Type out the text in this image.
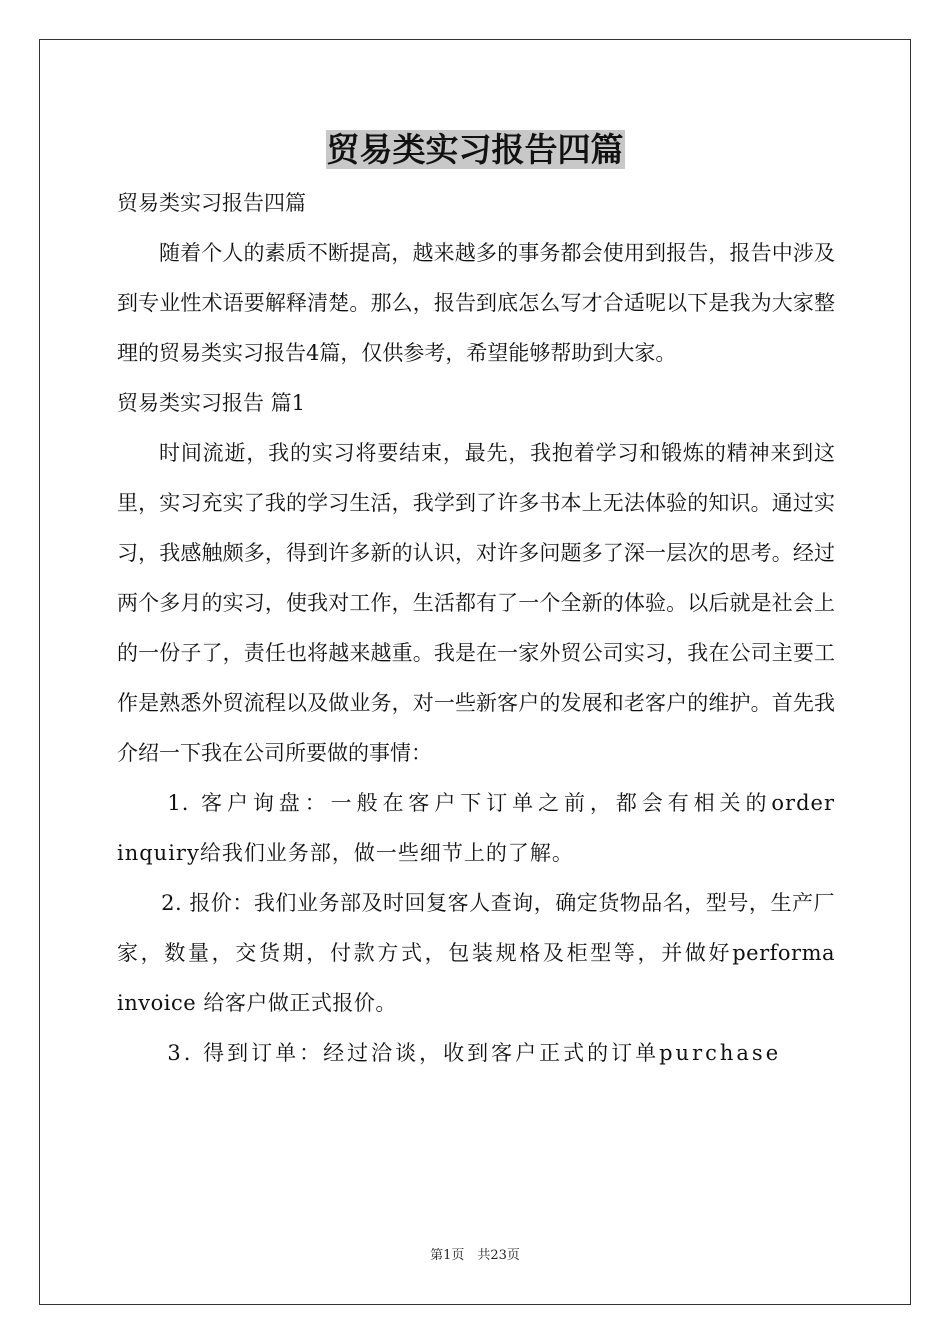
贸易类实习报告四篇

贸易类实习报告四篇

随着个人的素质不断提高，越来越多的事务都会使用到报告，报告中涉及到专业性术语要解释清楚。那么，报告到底怎么写才合适呢以下是我为大家整理的贸易类实习报告4篇，仅供参考，希望能够帮助到大家。

贸易类实习报告 篇1

时间流逝，我的实习将要结束，最先，我抱着学习和锻炼的精神来到这里，实习充实了我的学习生活，我学到了许多书本上无法体验的知识。通过实习，我感触颇多，得到许多新的认识，对许多问题多了深一层次的思考。经过两个多月的实习，使我对工作，生活都有了一个全新的体验。以后就是社会上的一份子了，责任也将越来越重。我是在一家外贸公司实习，我在公司主要工作是熟悉外贸流程以及做业务，对一些新客户的发展和老客户的维护。首先我介绍一下我在公司所要做的事情：

1. 客户询盘：一般在客户下订单之前，都会有相关的order inquiry给我们业务部，做一些细节上的了解。

2. 报价：我们业务部及时回复客人查询，确定货物品名，型号，生产厂家，数量，交货期，付款方式，包装规格及柜型等，并做好performa invoice 给客户做正式报价。

3. 得到订单：经过洽谈，收到客户正式的订单purchase

第1页　共23页
